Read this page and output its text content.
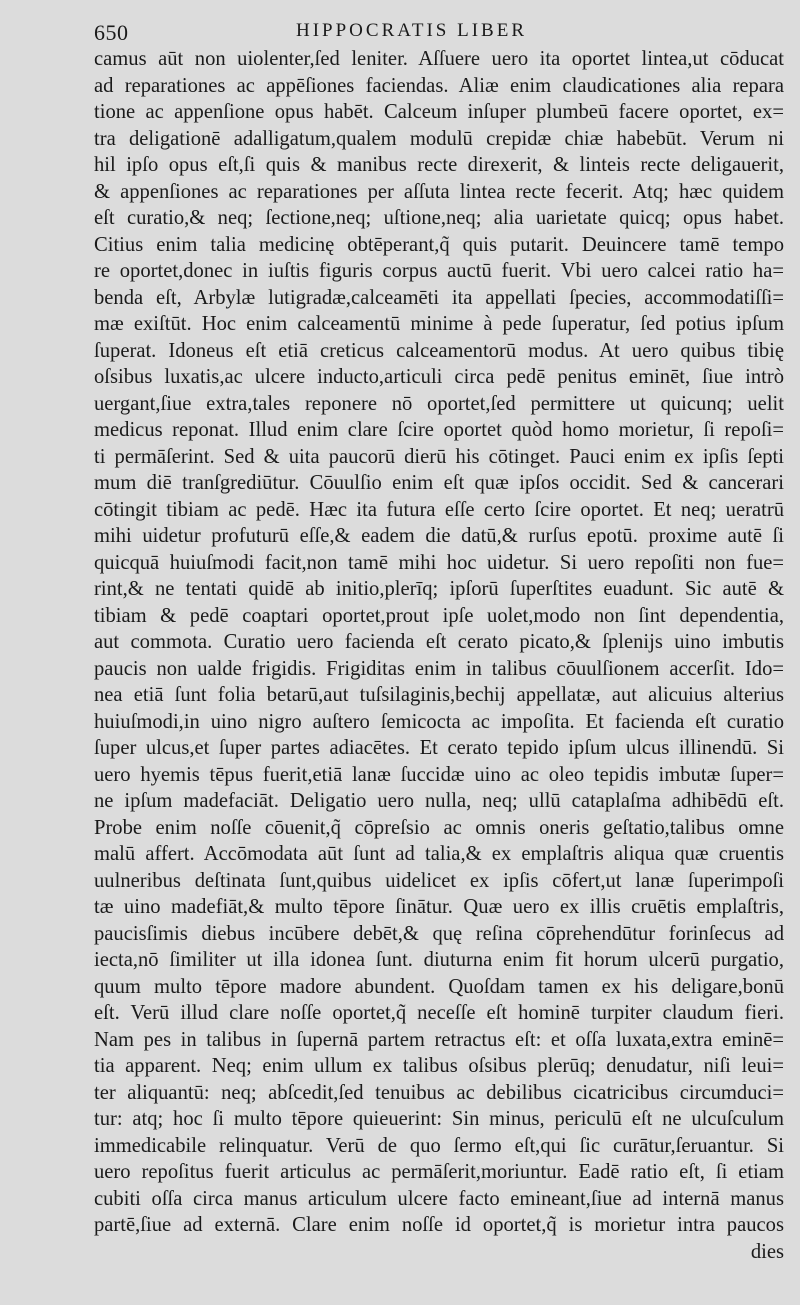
650	HIPPOCRATIS LIBER
camus aūt non uiolenter,ſed leniter. Aſſuere uero ita oportet lintea,ut cōducat
ad reparationes ac appēſiones faciendas. Aliæ enim claudicationes alia repara
tione ac appenſione opus habēt. Calceum inſuper plumbeū facere oportet, ex=
tra deligationē adalligatum,qualem modulū crepidæ chiæ habebūt. Verum ni
hil ipſo opus eſt,ſi quis & manibus recte direxerit, & linteis recte deligauerit,
& appenſiones ac reparationes per aſſuta lintea recte fecerit. Atq; hæc quidem
eſt curatio,& neq; ſectione,neq; uſtione,neq; alia uarietate quicq; opus habet.
Citius enim talia medicinę obtēperant,q̃ quis putarit. Deuincere tamē tempo
re oportet,donec in iuſtis figuris corpus auctū fuerit. Vbi uero calcei ratio ha=
benda eſt, Arbylæ lutigradæ,calceamēti ita appellati ſpecies, accommodatiſſi=
mæ exiſtūt. Hoc enim calceamentū minime à pede ſuperatur, ſed potius ipſum
ſuperat. Idoneus eſt etiā creticus calceamentorū modus. At uero quibus tibię
oſsibus luxatis,ac ulcere inducto,articuli circa pedē penitus eminēt, ſiue intrò
uergant,ſiue extra,tales reponere nō oportet,ſed permittere ut quicunq; uelit
medicus reponat. Illud enim clare ſcire oportet quòd homo morietur, ſi repoſi=
ti permāſerint. Sed & uita paucorū dierū his cōtinget. Pauci enim ex ipſis ſepti
mum diē tranſgrediūtur. Cōuulſio enim eſt quæ ipſos occidit. Sed & cancerari
cōtingit tibiam ac pedē. Hæc ita futura eſſe certo ſcire oportet. Et neq; ueratrū
mihi uidetur profuturū eſſe,& eadem die datū,& rurſus epotū. proxime autē ſi
quicquā huiuſmodi facit,non tamē mihi hoc uidetur. Si uero repoſiti non fue=
rint,& ne tentati quidē ab initio,plerīq; ipſorū ſuperſtites euadunt. Sic autē &
tibiam & pedē coaptari oportet,prout ipſe uolet,modo non ſint dependentia,
aut commota. Curatio uero facienda eſt cerato picato,& ſplenijs uino imbutis
paucis non ualde frigidis. Frigiditas enim in talibus cōuulſionem accerſit. Ido=
nea etiā ſunt folia betarū,aut tuſsilaginis,bechij appellatæ, aut alicuius alterius
huiuſmodi,in uino nigro auſtero ſemicocta ac impoſita. Et facienda eſt curatio
ſuper ulcus,et ſuper partes adiacētes. Et cerato tepido ipſum ulcus illinendū. Si
uero hyemis tēpus fuerit,etiā lanæ ſuccidæ uino ac oleo tepidis imbutæ ſuper=
ne ipſum madefaciāt. Deligatio uero nulla, neq; ullū cataplaſma adhibēdū eſt.
Probe enim noſſe cōuenit,q̃ cōpreſsio ac omnis oneris geſtatio,talibus omne
malū affert. Accōmodata aūt ſunt ad talia,& ex emplaſtris aliqua quæ cruentis
uulneribus deſtinata ſunt,quibus uidelicet ex ipſis cōfert,ut lanæ ſuperimpoſi
tæ uino madefiāt,& multo tēpore ſinātur. Quæ uero ex illis cruētis emplaſtris,
paucisſimis diebus incūbere debēt,& quę reſina cōprehendūtur forinſecus ad
iecta,nō ſimiliter ut illa idonea ſunt. diuturna enim fit horum ulcerū purgatio,
quum multo tēpore madore abundent. Quoſdam tamen ex his deligare,bonū
eſt. Verū illud clare noſſe oportet,q̃ neceſſe eſt hominē turpiter claudum fieri.
Nam pes in talibus in ſupernā partem retractus eſt: et oſſa luxata,extra eminē=
tia apparent. Neq; enim ullum ex talibus oſsibus plerūq; denudatur, niſi leui=
ter aliquantū: neq; abſcedit,ſed tenuibus ac debilibus cicatricibus circumduci=
tur: atq; hoc ſi multo tēpore quieuerint: Sin minus, periculū eſt ne ulcuſculum
immedicabile relinquatur. Verū de quo ſermo eſt,qui ſic curātur,ſeruantur. Si
uero repoſitus fuerit articulus ac permāſerit,moriuntur. Eadē ratio eſt, ſi etiam
cubiti oſſa circa manus articulum ulcere facto emineant,ſiue ad internā manus
partē,ſiue ad externā. Clare enim noſſe id oportet,q̃ is morietur intra paucos
dies
